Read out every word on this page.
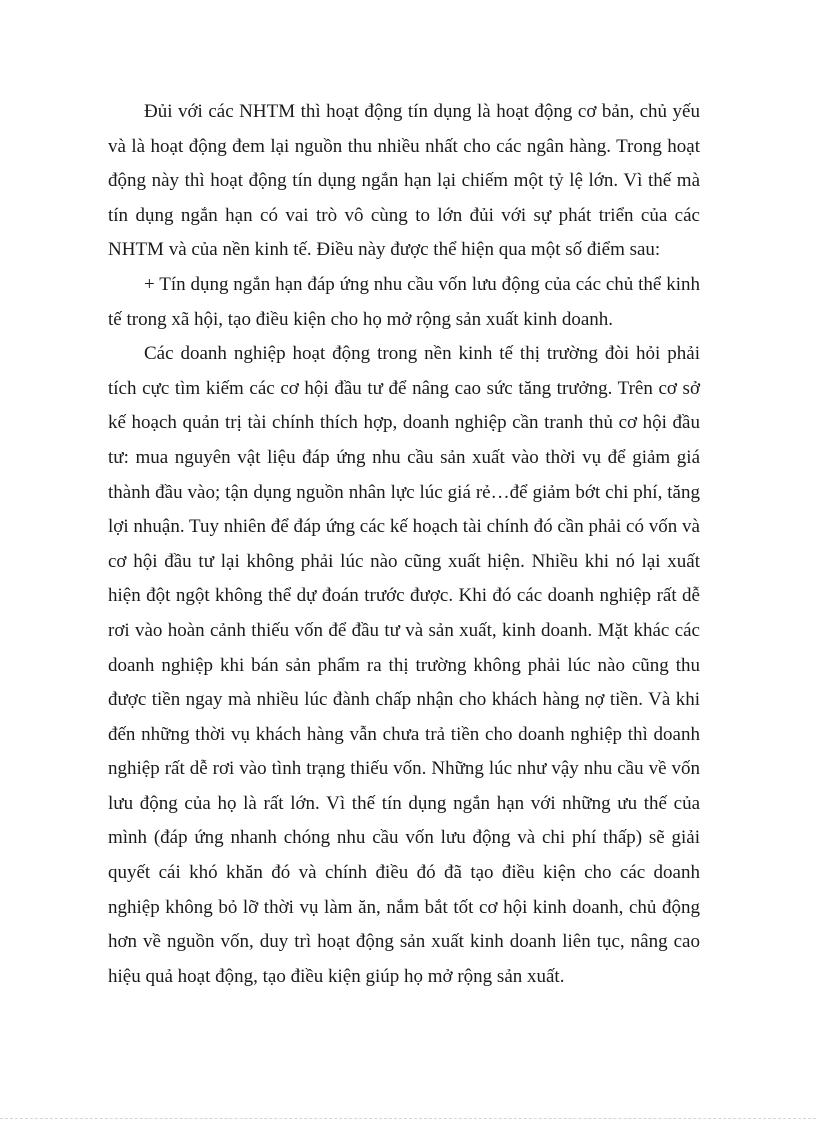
Đủi với các NHTM thì hoạt động tín dụng là hoạt động cơ bản, chủ yếu và là hoạt động đem lại nguồn thu nhiều nhất cho các ngân hàng. Trong hoạt động này thì hoạt động tín dụng ngắn hạn lại chiếm một tỷ lệ lớn. Vì thế mà tín dụng ngắn hạn có vai trò vô cùng to lớn đủi với sự phát triển của các NHTM và của nền kinh tế. Điều này được thể hiện qua một số điểm sau:

+ Tín dụng ngắn hạn đáp ứng nhu cầu vốn lưu động của các chủ thể kinh tế trong xã hội, tạo điều kiện cho họ mở rộng sản xuất kinh doanh.

Các doanh nghiệp hoạt động trong nền kinh tế thị trường đòi hỏi phải tích cực tìm kiếm các cơ hội đầu tư để nâng cao sức tăng trưởng. Trên cơ sở kế hoạch quản trị tài chính thích hợp, doanh nghiệp cần tranh thủ cơ hội đầu tư: mua nguyên vật liệu đáp ứng nhu cầu sản xuất vào thời vụ để giảm giá thành đầu vào; tận dụng nguồn nhân lực lúc giá rẻ…để giảm bớt chi phí, tăng lợi nhuận. Tuy nhiên để đáp ứng các kế hoạch tài chính đó cần phải có vốn và cơ hội đầu tư lại không phải lúc nào cũng xuất hiện. Nhiều khi nó lại xuất hiện đột ngột không thể dự đoán trước được. Khi đó các doanh nghiệp rất dễ rơi vào hoàn cảnh thiếu vốn để đầu tư và sản xuất, kinh doanh. Mặt khác các doanh nghiệp khi bán sản phẩm ra thị trường không phải lúc nào cũng thu được tiền ngay mà nhiều lúc đành chấp nhận cho khách hàng nợ tiền. Và khi đến những thời vụ khách hàng vẫn chưa trả tiền cho doanh nghiệp thì doanh nghiệp rất dễ rơi vào tình trạng thiếu vốn. Những lúc như vậy nhu cầu về vốn lưu động của họ là rất lớn. Vì thế tín dụng ngắn hạn với những ưu thế của mình (đáp ứng nhanh chóng nhu cầu vốn lưu động và chi phí thấp) sẽ giải quyết cái khó khăn đó và chính điều đó đã tạo điều kiện cho các doanh nghiệp không bỏ lỡ thời vụ làm ăn, nắm bắt tốt cơ hội kinh doanh, chủ động hơn về nguồn vốn, duy trì hoạt động sản xuất kinh doanh liên tục, nâng cao hiệu quả hoạt động, tạo điều kiện giúp họ mở rộng sản xuất.
